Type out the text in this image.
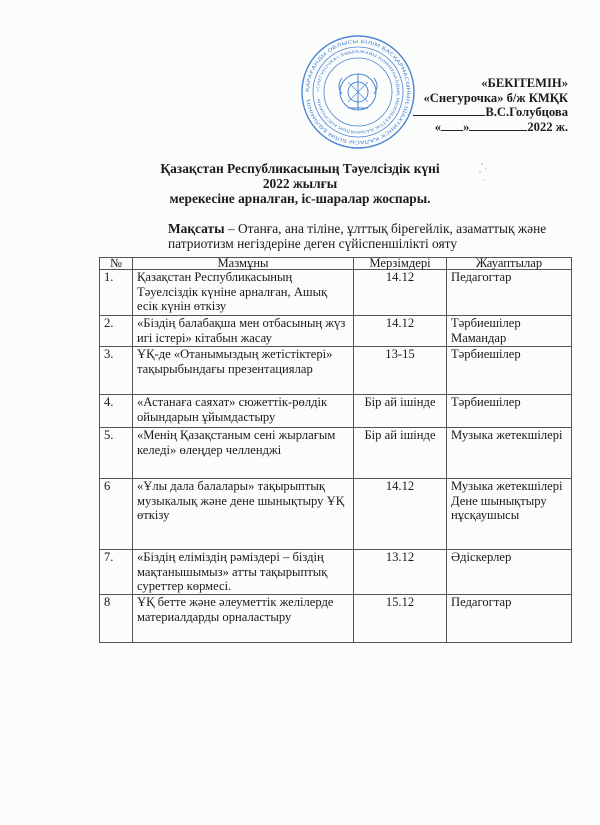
ҚАРАҒАНДЫ ОБЛЫСЫ БІЛІМ БАСҚАРМАСЫНЫҢ ШАХТИНСК ҚАЛАСЫ БІЛІМ БӨЛІМІНІҢ
«СНЕГУРОЧКА» БӨБЕКЖАЙЫ КОММУНАЛДЫҚ МЕМЛЕКЕТТІК ҚАЗЫНАЛЫҚ КӘСІПОРНЫ
«БЕКІТЕМІН»
«Снегурочка» б/ж КМҚК
В.С.Голубцова
« »	2022 ж.
Қазақстан Республикасының Тәуелсіздік күні
2022 жылғы
мерекесіне арналған, іс-шаралар жоспары.
Мақсаты – Отанға, ана тіліне, ұлттық бірегейлік, азаматтық және патриотизм негіздеріне деген сүйіспеншілікті ояту
№	Мазмұны	Мерзімдері	Жауаптылар
1.	Қазақстан Республикасының Тәуелсіздік күніне арналған, Ашық есік күнін өткізу	14.12	Педагогтар
2.	«Біздің балабақша мен отбасының жүз игі істері» кітабын жасау	14.12	Тәрбиешілер Мамандар
3.	ҰҚ-де «Отанымыздың жетістіктері» тақырыбындағы презентациялар	13-15	Тәрбиешілер
4.	«Астанаға саяхат» сюжеттік-рөлдік ойындарын ұйымдастыру	Бір ай ішінде	Тәрбиешілер
5.	«Менің Қазақстаным сені жырлағым келеді» өлеңдер челленджі	Бір ай ішінде	Музыка жетекшілері
6	«Ұлы дала балалары» тақырыптық музыкалық және дене шынықтыру ҰҚ өткізу	14.12	Музыка жетекшілері Дене шынықтыру нұсқаушысы
7.	«Біздің еліміздің рәміздері – біздің мақтанышымыз» атты тақырыптық суреттер көрмесі.	13.12	Әдіскерлер
8	ҰҚ бетте және әлеуметтік желілерде материалдарды орналастыру	15.12	Педагогтар
